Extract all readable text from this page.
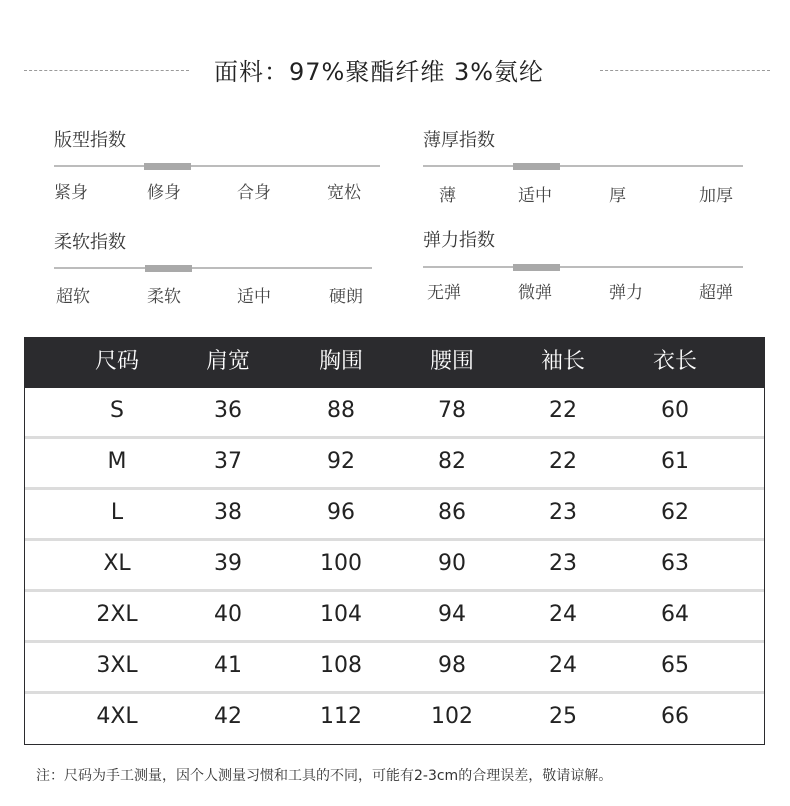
面料：97%聚酯纤维 3%氨纶
版型指数
紧身	修身	合身	宽松
薄厚指数
薄	适中	厚	加厚
柔软指数
超软	柔软	适中	硬朗
弹力指数
无弹	微弹	弹力	超弹
尺码	肩宽	胸围	腰围	袖长	衣长
S	36	88	78	22	60
M	37	92	82	22	61
L	38	96	86	23	62
XL	39	100	90	23	63
2XL	40	104	94	24	64
3XL	41	108	98	24	65
4XL	42	112	102	25	66
注：尺码为手工测量，因个人测量习惯和工具的不同，可能有2-3cm的合理误差，敬请谅解。
